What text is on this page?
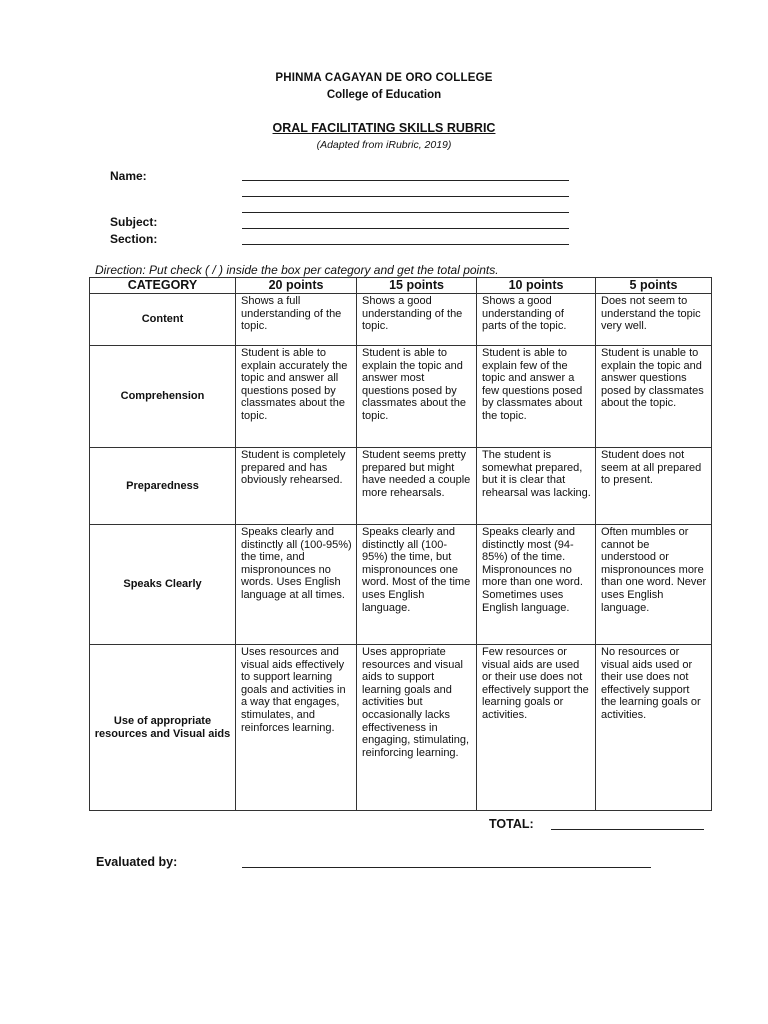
PHINMA CAGAYAN DE ORO COLLEGE
College of Education
ORAL FACILITATING SKILLS RUBRIC
(Adapted from iRubric, 2019)
Name:
Subject:
Section:
Direction: Put check ( / ) inside the box per category and get the total points.
CATEGORY	20 points	15 points	10 points	5 points
Content	Shows a full understanding of the topic.	Shows a good understanding of the topic.	Shows a good understanding of parts of the topic.	Does not seem to understand the topic very well.
Comprehension	Student is able to explain accurately the topic and answer all questions posed by classmates about the topic.	Student is able to explain the topic and answer most questions posed by classmates about the topic.	Student is able to explain few of the topic and answer a few questions posed by classmates about the topic.	Student is unable to explain the topic and answer questions posed by classmates about the topic.
Preparedness	Student is completely prepared and has obviously rehearsed.	Student seems pretty prepared but might have needed a couple more rehearsals.	The student is somewhat prepared, but it is clear that rehearsal was lacking.	Student does not seem at all prepared to present.
Speaks Clearly	Speaks clearly and distinctly all (100-95%) the time, and mispronounces no words. Uses English language at all times.	Speaks clearly and distinctly all (100-95%) the time, but mispronounces one word. Most of the time uses English language.	Speaks clearly and distinctly most (94-85%) of the time. Mispronounces no more than one word. Sometimes uses English language.	Often mumbles or cannot be understood or mispronounces more than one word. Never uses English language.
Use of appropriate resources and Visual aids	Uses resources and visual aids effectively to support learning goals and activities in a way that engages, stimulates, and reinforces learning.	Uses appropriate resources and visual aids to support learning goals and activities but occasionally lacks effectiveness in engaging, stimulating, reinforcing learning.	Few resources or visual aids are used or their use does not effectively support the learning goals or activities.	No resources or visual aids used or their use does not effectively support the learning goals or activities.
TOTAL:
Evaluated by:
